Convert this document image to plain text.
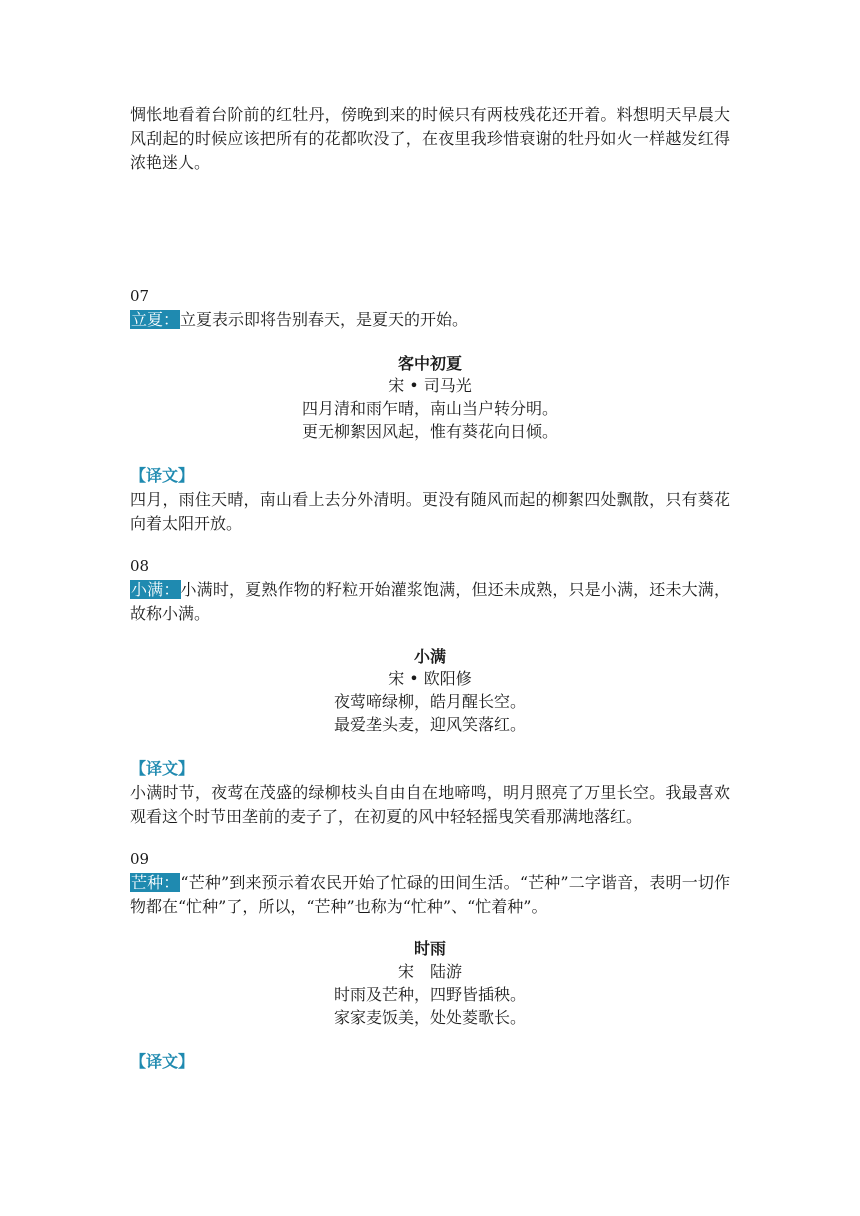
惆怅地看着台阶前的红牡丹，傍晚到来的时候只有两枝残花还开着。料想明天早晨大风刮起的时候应该把所有的花都吹没了，在夜里我珍惜衰谢的牡丹如火一样越发红得浓艳迷人。
07
立夏：立夏表示即将告别春天，是夏天的开始。
客中初夏
宋 • 司马光
四月清和雨乍晴，南山当户转分明。
更无柳絮因风起，惟有葵花向日倾。
【译文】
四月，雨住天晴，南山看上去分外清明。更没有随风而起的柳絮四处飘散，只有葵花向着太阳开放。
08
小满：小满时，夏熟作物的籽粒开始灌浆饱满，但还未成熟，只是小满，还未大满，故称小满。
小满
宋 • 欧阳修
夜莺啼绿柳，皓月醒长空。
最爱垄头麦，迎风笑落红。
【译文】
小满时节，夜莺在茂盛的绿柳枝头自由自在地啼鸣，明月照亮了万里长空。我最喜欢观看这个时节田垄前的麦子了，在初夏的风中轻轻摇曳笑看那满地落红。
09
芒种：“芒种”到来预示着农民开始了忙碌的田间生活。“芒种”二字谐音，表明一切作物都在“忙种”了，所以，“芒种”也称为“忙种”、“忙着种”。
时雨
宋　陆游
时雨及芒种，四野皆插秧。
家家麦饭美，处处菱歌长。
【译文】
